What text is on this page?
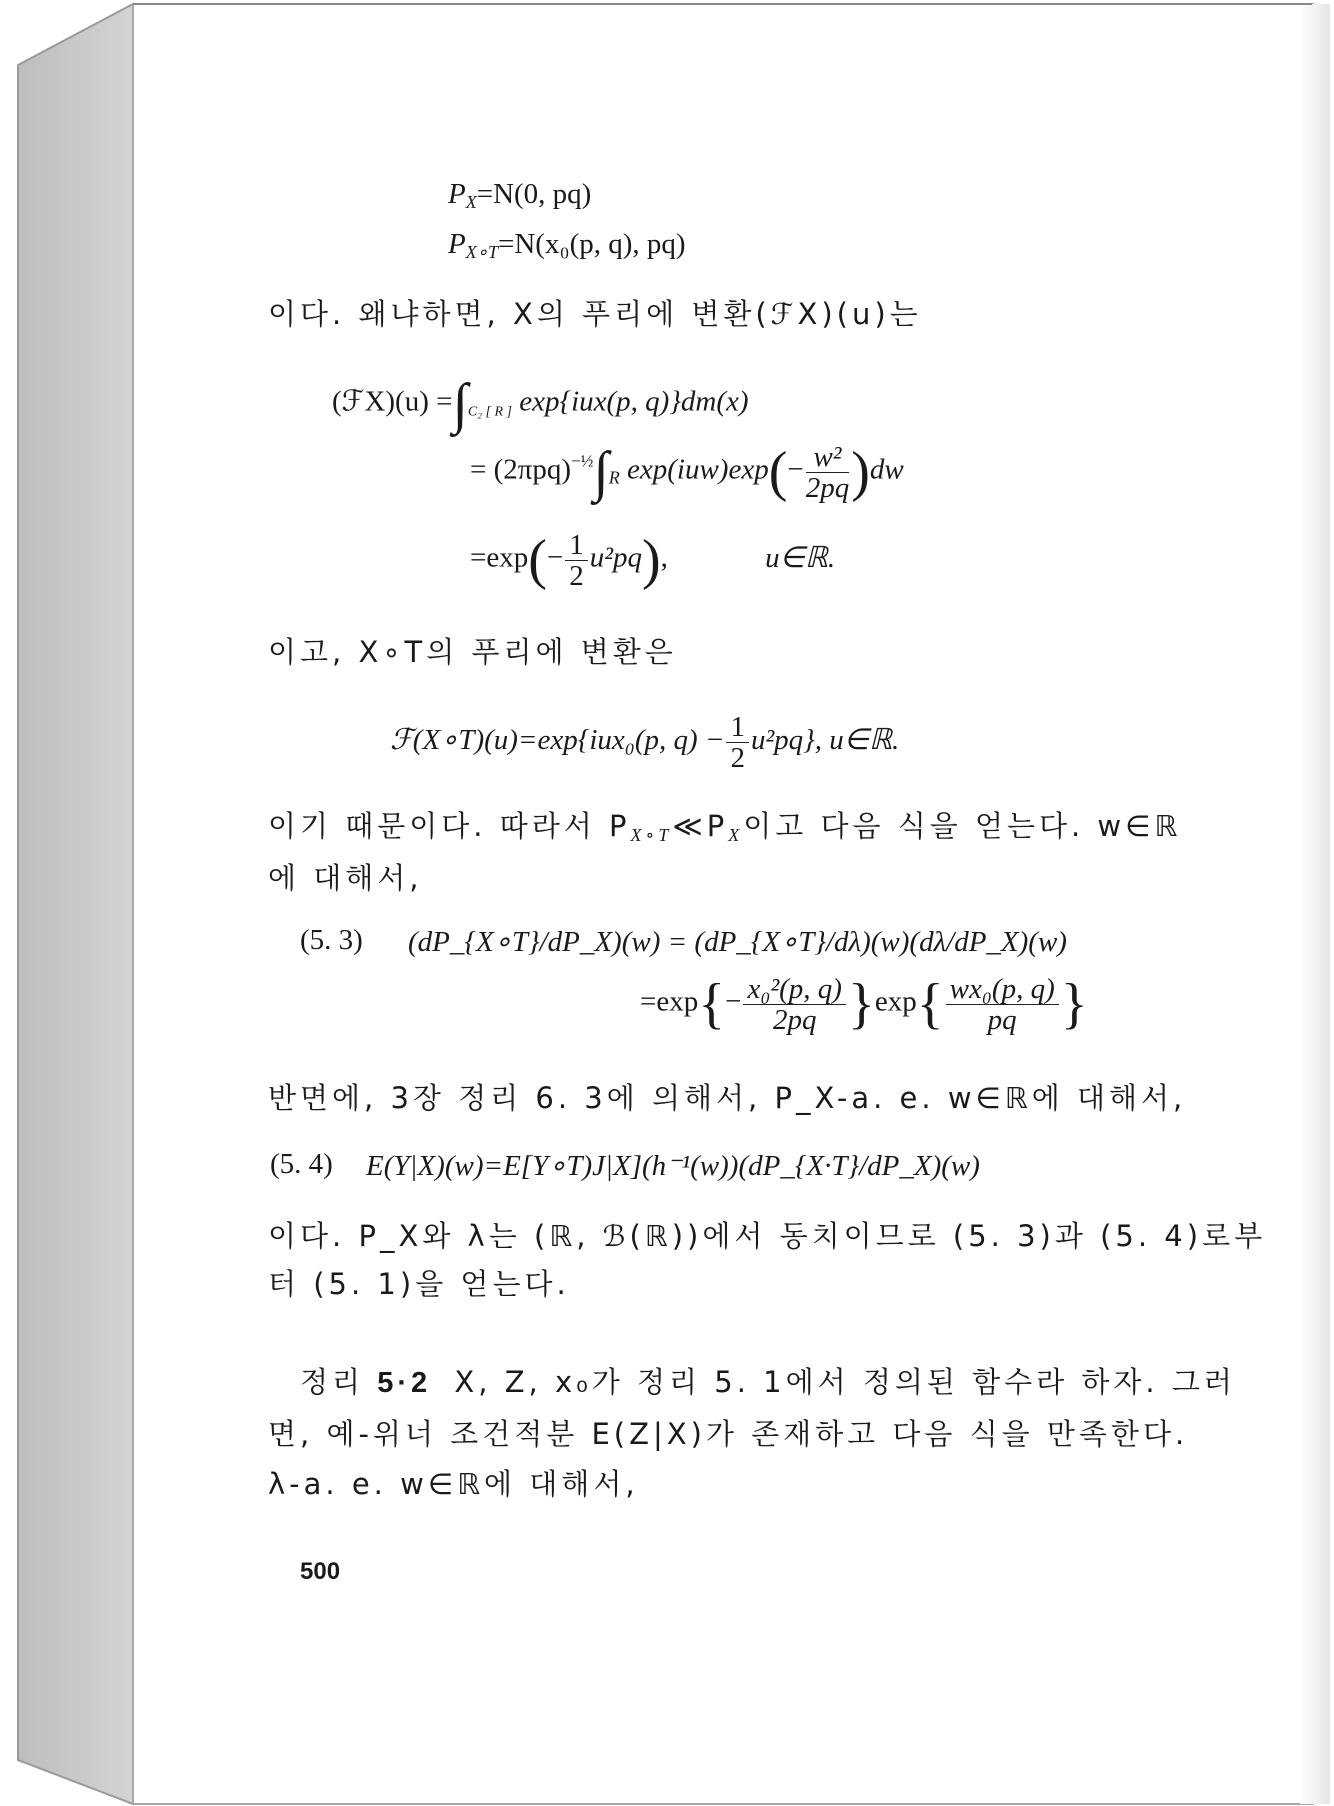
$P_X=N(0$, pq)
$P_{X\circ T}=N(x_0(p$, q), pq)
이다. 왜냐하면, X의 푸리에 변환(ℱX)(u)는
(ℱX)(u) $=\int_{C_2 [ R ]}$ exp{iux(p, q)}dm(x)
= $(2\pi pq)^{-\frac{1}{2}}\int_R$ $\exp(iuw)\exp(- \frac{\text{w²}}{2pq} )dw$
$=\exp(- \frac{1}{2} u^2pq)$,	u∈ℝ.
이고, X∘T의 푸리에 변환은
ℱ(X∘T)(u)=exp{iux₀(p, $q) - \frac{1}{2} u^2pq$}, u∈ℝ.
이기 때문이다. 따라서 $P_{X\circ T}≪P_X$이고 다음 식을 얻는다. w∈ℝ
에 대해서,
(5. 3) (dP_{X∘T}/dP_X)(w) = (dP_{X∘T}/dλ)(w)(dλ/dP_X)(w)
$=\exp\{- \frac{\text{x₀²(p, q)}}{2pq} \}\exp\{ \frac{\text{wx₀(p, q)}}{pq}$ }
반면에, 3장 정리 6. 3에 의해서, P_X-a. e. w∈ℝ에 대해서,
(5. 4) E(Y|X)(w)=E[Y∘T)J|X](h⁻¹(w))(dP_{X·T}/dP_X)(w)
이다. P_X와 λ는 (ℝ, ℬ(ℝ))에서 동치이므로 (5. 3)과 (5. 4)로부
터 (5. 1)을 얻는다.
정리 5·2 X, Z, x₀가 정리 5. 1에서 정의된 함수라 하자. 그러
면, 예-위너 조건적분 E(Z|X)가 존재하고 다음 식을 만족한다.
λ-a. e. w∈ℝ에 대해서,
500
